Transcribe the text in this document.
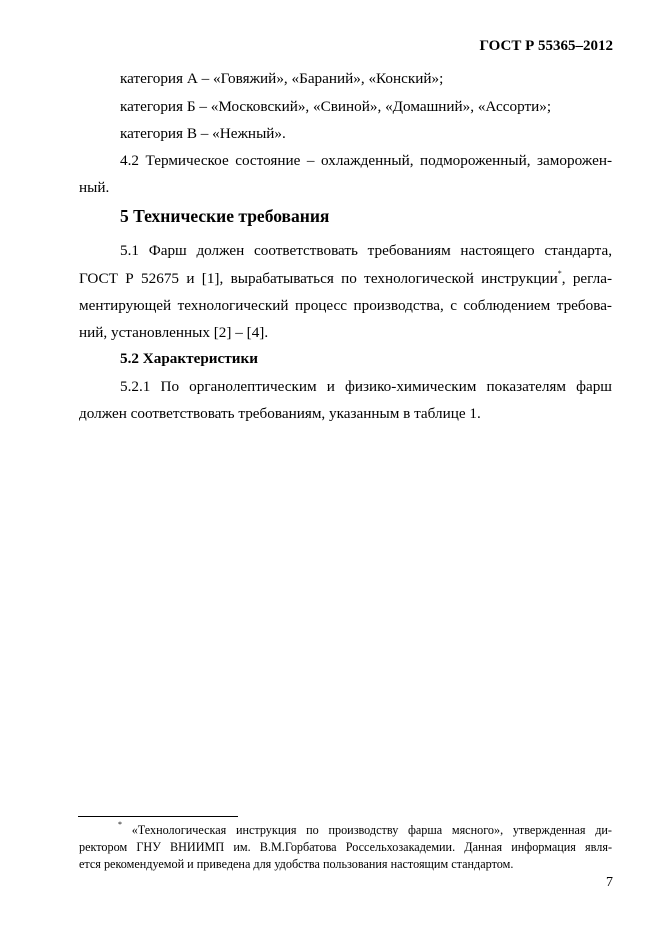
ГОСТ Р 55365–2012
категория А – «Говяжий», «Бараний», «Конский»;
категория Б – «Московский», «Свиной», «Домашний», «Ассорти»;
категория В – «Нежный».
4.2 Термическое состояние – охлажденный, подмороженный, заморожен-
ный.
5 Технические требования
5.1 Фарш должен соответствовать требованиям настоящего стандарта,
ГОСТ Р 52675 и [1], вырабатываться по технологической инструкции*, регла-
ментирующей технологический процесс производства, с соблюдением требова-
ний, установленных [2] – [4].
5.2 Характеристики
5.2.1 По органолептическим и физико-химическим показателям фарш
должен соответствовать требованиям, указанным в таблице 1.
* «Технологическая инструкция по производству фарша мясного», утвержденная ди-
ректором ГНУ ВНИИМП им. В.М.Горбатова Россельхозакадемии. Данная информация явля-
ется рекомендуемой и приведена для удобства пользования настоящим стандартом.
7
